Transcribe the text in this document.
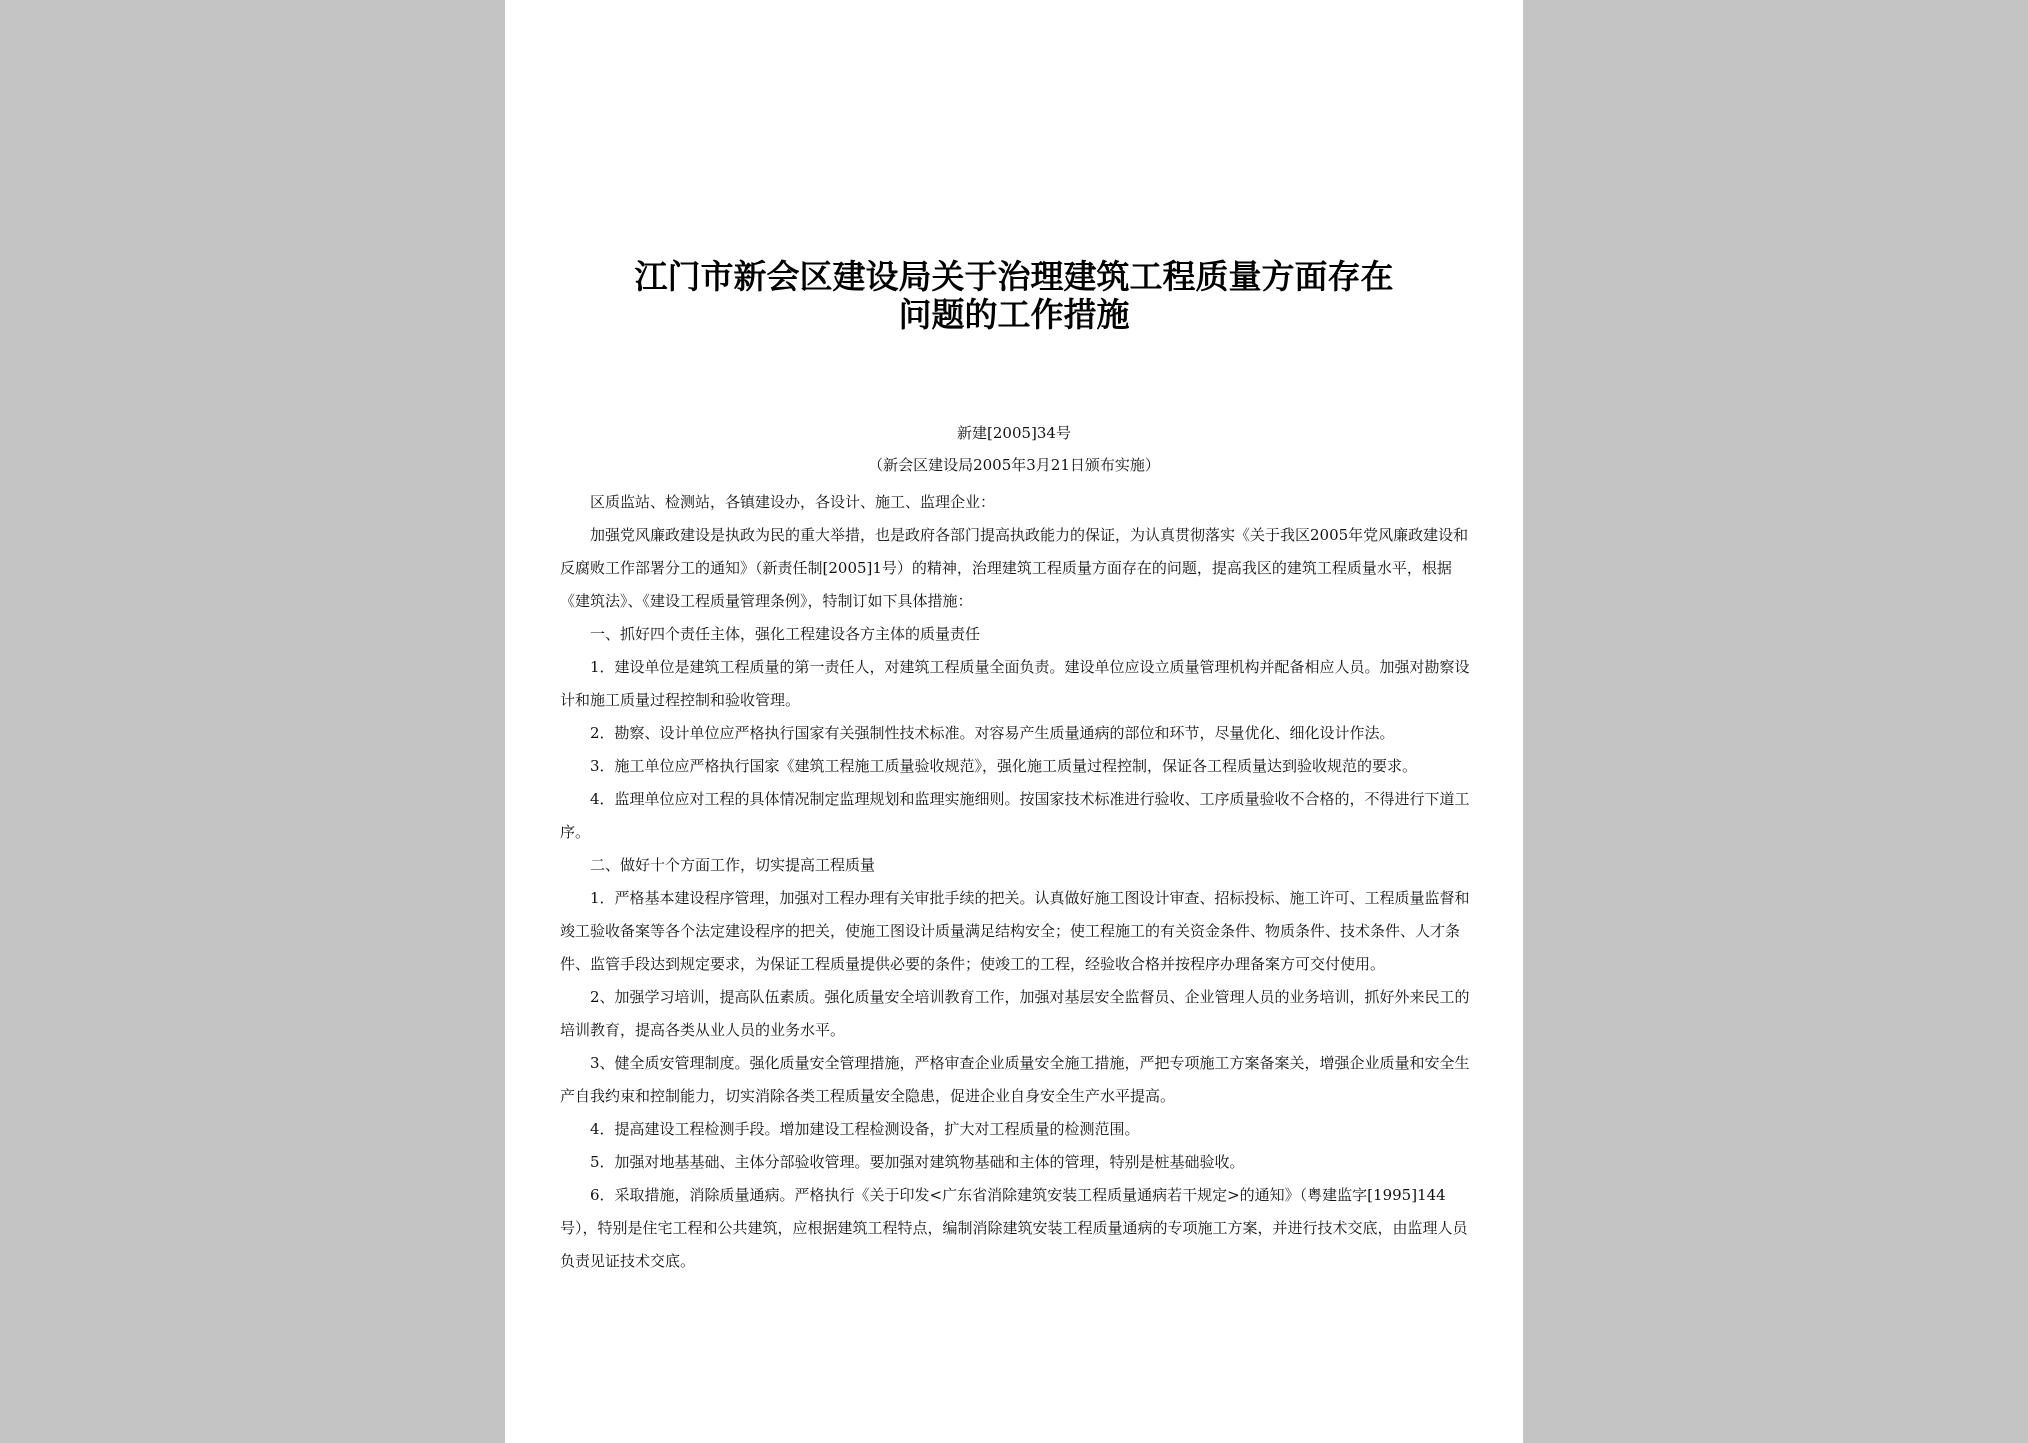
江门市新会区建设局关于治理建筑工程质量方面存在
问题的工作措施
新建[2005]34号
（新会区建设局2005年3月21日颁布实施）

区质监站、检测站，各镇建设办，各设计、施工、监理企业：

加强党风廉政建设是执政为民的重大举措，也是政府各部门提高执政能力的保证，为认真贯彻落实《关于我区2005年党风廉政建设和反腐败工作部署分工的通知》（新责任制[2005]1号）的精神，治理建筑工程质量方面存在的问题，提高我区的建筑工程质量水平，根据《建筑法》、《建设工程质量管理条例》，特制订如下具体措施：

一、抓好四个责任主体，强化工程建设各方主体的质量责任

1．建设单位是建筑工程质量的第一责任人，对建筑工程质量全面负责。建设单位应设立质量管理机构并配备相应人员。加强对勘察设计和施工质量过程控制和验收管理。

2．勘察、设计单位应严格执行国家有关强制性技术标准。对容易产生质量通病的部位和环节，尽量优化、细化设计作法。

3．施工单位应严格执行国家《建筑工程施工质量验收规范》，强化施工质量过程控制，保证各工程质量达到验收规范的要求。

4．监理单位应对工程的具体情况制定监理规划和监理实施细则。按国家技术标准进行验收、工序质量验收不合格的，不得进行下道工序。

二、做好十个方面工作，切实提高工程质量

1．严格基本建设程序管理，加强对工程办理有关审批手续的把关。认真做好施工图设计审查、招标投标、施工许可、工程质量监督和竣工验收备案等各个法定建设程序的把关，使施工图设计质量满足结构安全；使工程施工的有关资金条件、物质条件、技术条件、人才条件、监管手段达到规定要求，为保证工程质量提供必要的条件；使竣工的工程，经验收合格并按程序办理备案方可交付使用。

2、加强学习培训，提高队伍素质。强化质量安全培训教育工作，加强对基层安全监督员、企业管理人员的业务培训，抓好外来民工的培训教育，提高各类从业人员的业务水平。

3、健全质安管理制度。强化质量安全管理措施，严格审查企业质量安全施工措施，严把专项施工方案备案关，增强企业质量和安全生产自我约束和控制能力，切实消除各类工程质量安全隐患，促进企业自身安全生产水平提高。

4．提高建设工程检测手段。增加建设工程检测设备，扩大对工程质量的检测范围。

5．加强对地基基础、主体分部验收管理。要加强对建筑物基础和主体的管理，特别是桩基础验收。

6．采取措施，消除质量通病。严格执行《关于印发<广东省消除建筑安装工程质量通病若干规定>的通知》（粤建监字[1995]144号），特别是住宅工程和公共建筑，应根据建筑工程特点，编制消除建筑安装工程质量通病的专项施工方案，并进行技术交底，由监理人员负责见证技术交底。
